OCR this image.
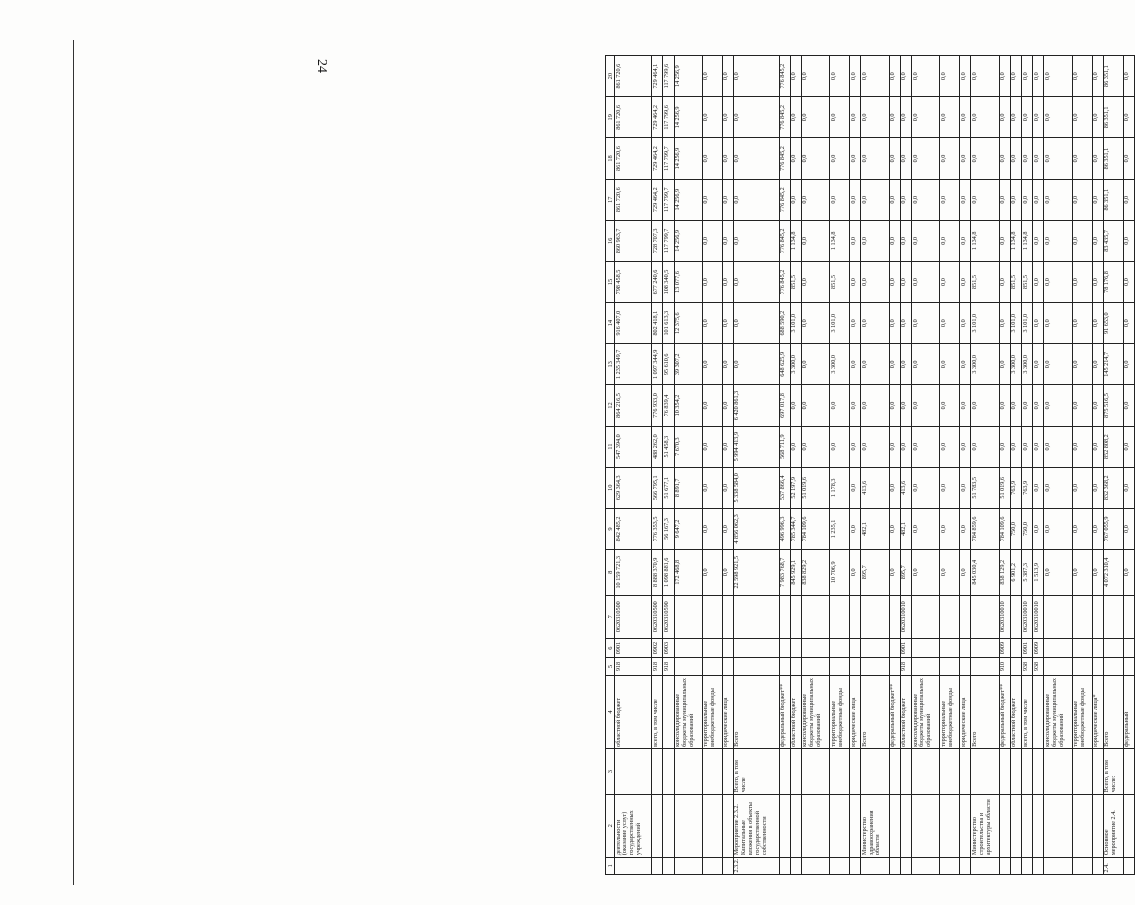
24
1	2	3	4	5	6	7	8	9	10	11	12	13	14	15	16	17	18	19	20
	деятельности (оказание услуг) государственных учреждений		областной бюджет	918	0901	0620310500	10 159 721,3	842 485,2	629 364,3	547 394,0	864 216,5	1 235 349,7	916 407,0	798 458,5	860 963,7	861 720,6	861 720,6	861 720,6	861 720,6
			всего, в том числе	918	0902	0620310500	8 888 370,9	776 353,5	566 795,1	488 262,0	776 933,0	1 097 344,9	802 418,1	677 240,6	728 707,3	729 464,2	729 464,2	729 464,2	729 464,1
				918	0903	0620310590	1 098 881,6	56 167,3	51 677,1	51 458,3	76 839,4	95 610,6	101 613,3	108 340,5	117 799,7	117 799,7	117 799,7	117 799,6	117 799,6
			консолидированные бюджеты муниципальных образований				172 468,8	9 647,2	8 891,7	7 670,3	10 354,2	39 307,2	12 375,6	13 077,6	14 256,9	14 256,9	14 256,9	14 256,9	14 256,9
			территориальные внебюджетные фонды				0,0	0,0	0,0	0,0	0,0	0,0	0,0	0,0	0,0	0,0	0,0	0,0	0,0
			юридические лица				0,0	0,0	0,0	0,0	0,0	0,0	0,0	0,0	0,0	0,0	0,0	0,0	0,0
2.3.2.	Мероприятие 2.3.2. Капитальные вложения в объекты государственной собственности	Всего, в том числе	Всего				22 598 921,5	4 856 062,3	5 338 584,0	5 994 413,9	6 420 861,3	0,0	0,0	0,0	0,0	0,0	0,0	0,0	0,0
			федеральный бюджет**				7 983 768,7	496 996,3	537 866,4	568 711,9	697 017,8	648 625,9	688 590,2	776 845,2	776 845,2	776 845,2	776 845,2	776 845,2	776 845,2
			областной бюджет				845 929,1	785 344,7	52 197,9	0,0	0,0	3 300,0	3 101,0	851,5	1 134,8	0,0	0,0	0,0	0,0
			консолидированные бюджеты муниципальных образований				838 829,2	784 109,6	51 019,6	0,0	0,0	0,0	0,0	0,0	0,0	0,0	0,0	0,0	0,0
			территориальные внебюджетные фонды				10 706,9	1 235,1	1 178,3	0,0	0,0	3 300,0	3 101,0	851,5	1 134,8	0,0	0,0	0,0	0,0
			юридические лица				0,0	0,0	0,0	0,0	0,0	0,0	0,0	0,0	0,0	0,0	0,0	0,0	0,0
	Министерство здравоохранения области		Всего				895,7	482,1	413,6	0,0	0,0	0,0	0,0	0,0	0,0	0,0	0,0	0,0	0,0
			федеральный бюджет**				0,0	0,0	0,0	0,0	0,0	0,0	0,0	0,0	0,0	0,0	0,0	0,0	0,0
			областной бюджет	918	0901	0620310010	895,7	482,1	413,6	0,0	0,0	0,0	0,0	0,0	0,0	0,0	0,0	0,0	0,0
			консолидированные бюджеты муниципальных образований				0,0	0,0	0,0	0,0	0,0	0,0	0,0	0,0	0,0	0,0	0,0	0,0	0,0
			территориальные внебюджетные фонды				0,0	0,0	0,0	0,0	0,0	0,0	0,0	0,0	0,0	0,0	0,0	0,0	0,0
			юридические лица				0,0	0,0	0,0	0,0	0,0	0,0	0,0	0,0	0,0	0,0	0,0	0,0	0,0
	Министерство строительства и архитектуры области		Всего				845 030,4	784 859,6	51 783,5	0,0	0,0	3 300,0	3 101,0	851,5	1 134,8	0,0	0,0	0,0	0,0
			федеральный бюджет**	910	0909	0620310010	838 129,2	784 109,6	51 019,6	0,0	0,0	0,0	0,0	0,0	0,0	0,0	0,0	0,0	0,0
			областной бюджет				6 901,2	750,0	763,9	0,0	0,0	3 300,0	3 101,0	851,5	1 134,8	0,0	0,0	0,0	0,0
			всего, в том числе	938	0901	0620310010	5 387,3	750,0	763,9	0,0	0,0	3 300,0	3 101,0	851,5	1 134,8	0,0	0,0	0,0	0,0
				938	0909	0620310010	1 513,9	0,0	0,0	0,0	0,0	0,0	0,0	0,0	0,0	0,0	0,0	0,0	0,0
			консолидированные бюджеты муниципальных образований				0,0	0,0	0,0	0,0	0,0	0,0	0,0	0,0	0,0	0,0	0,0	0,0	0,0
			территориальные внебюджетные фонды				0,0	0,0	0,0	0,0	0,0	0,0	0,0	0,0	0,0	0,0	0,0	0,0	0,0
			юридические лица*				0,0	0,0	0,0	0,0	0,0	0,0	0,0	0,0	0,0	0,0	0,0	0,0	0,0
2.4.	Основное мероприятие 2.4.	Всего, в том числе:	Всего				4 072 310,4	767 055,9	832 368,2	852 808,2	875 516,5	145 214,7	91 653,0	78 176,8	83 435,7	86 351,1	86 351,1	86 351,1	86 351,1
			федеральный				0,0	0,0	0,0	0,0	0,0	0,0	0,0	0,0	0,0	0,0	0,0	0,0	0,0
